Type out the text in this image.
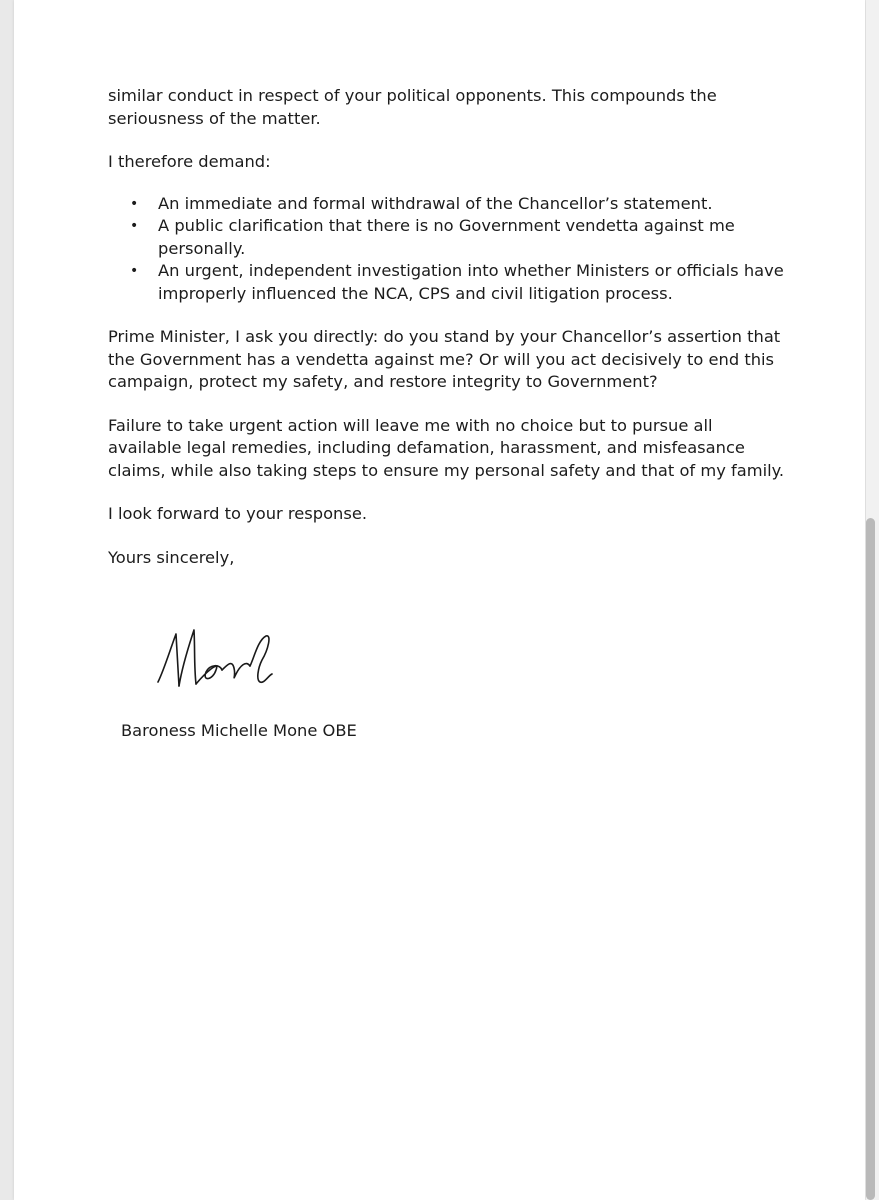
similar conduct in respect of your political opponents. This compounds the seriousness of the matter.

I therefore demand:

• An immediate and formal withdrawal of the Chancellor’s statement.
• A public clarification that there is no Government vendetta against me personally.
• An urgent, independent investigation into whether Ministers or officials have improperly influenced the NCA, CPS and civil litigation process.

Prime Minister, I ask you directly: do you stand by your Chancellor’s assertion that the Government has a vendetta against me? Or will you act decisively to end this campaign, protect my safety, and restore integrity to Government?

Failure to take urgent action will leave me with no choice but to pursue all available legal remedies, including defamation, harassment, and misfeasance claims, while also taking steps to ensure my personal safety and that of my family.

I look forward to your response.

Yours sincerely,

Baroness Michelle Mone OBE
